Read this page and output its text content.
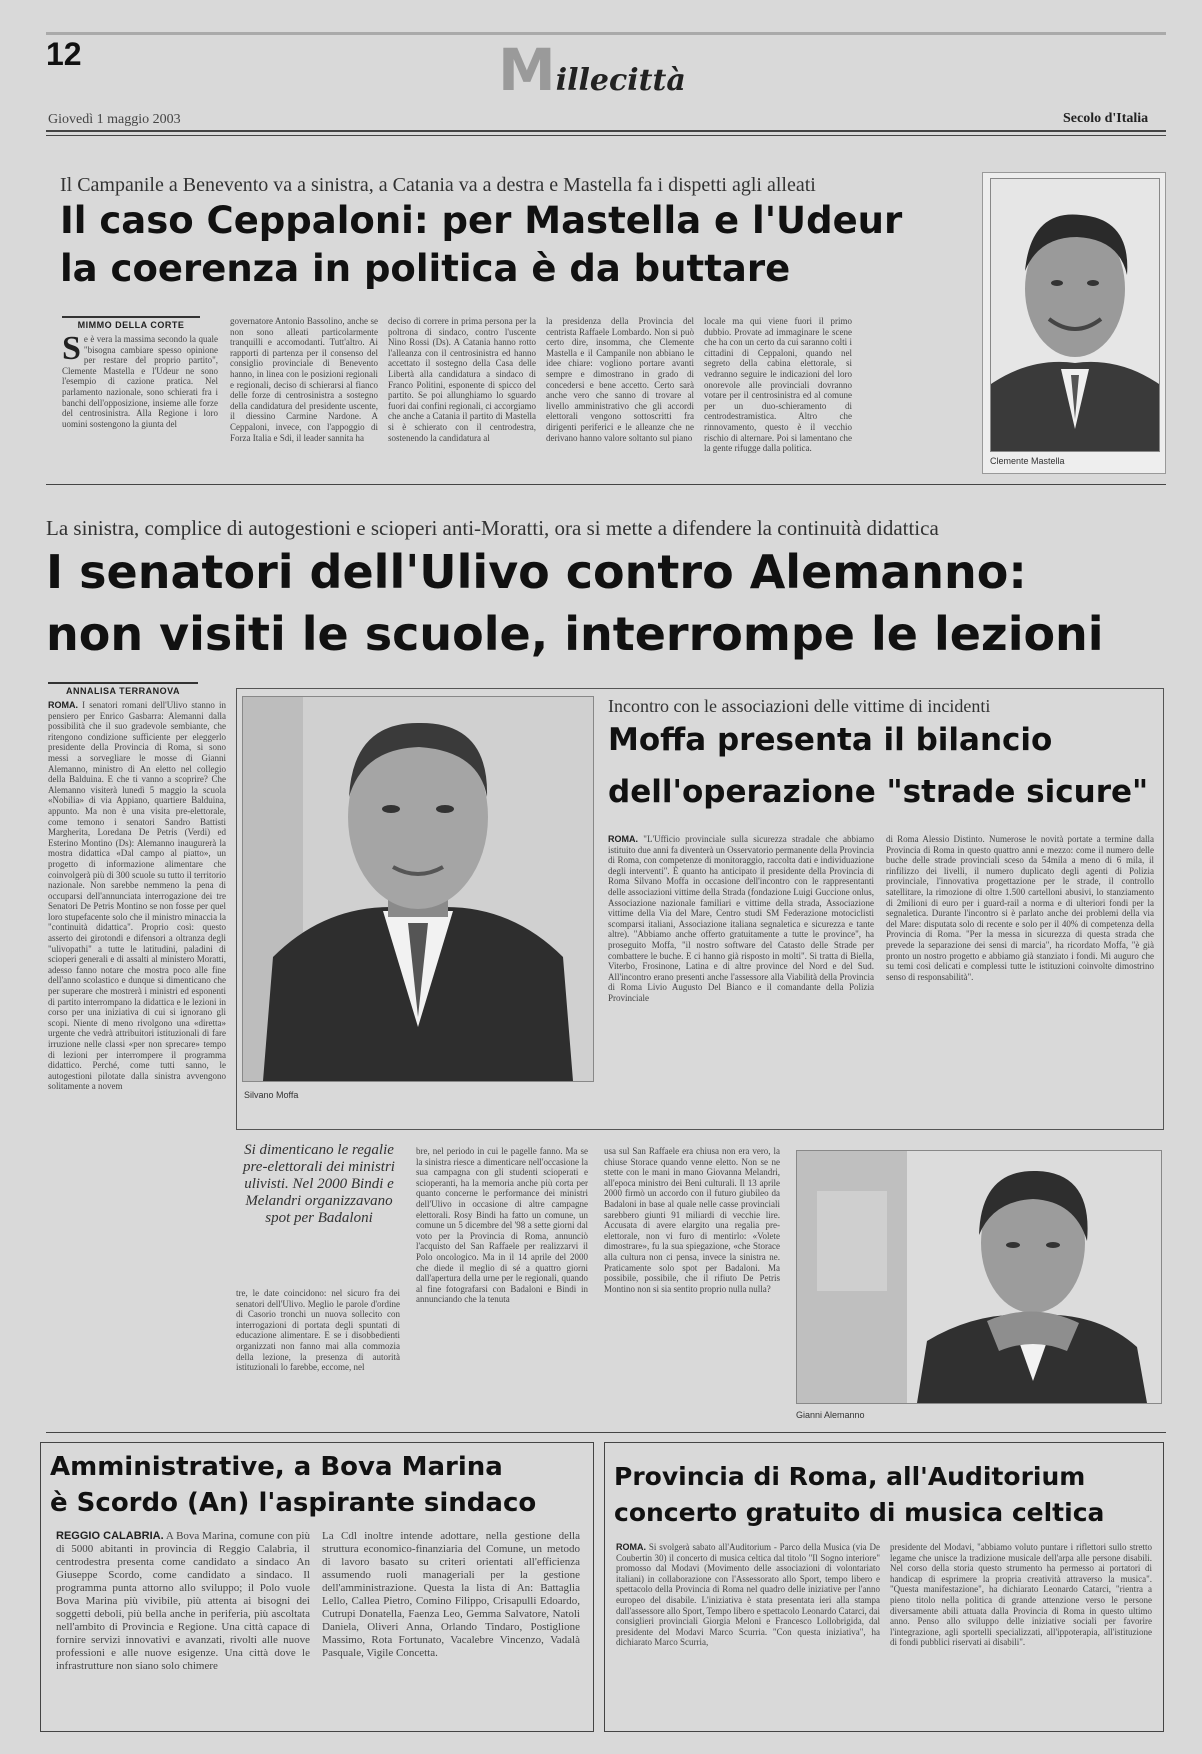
12	Millecittà
Giovedì 1 maggio 2003	Secolo d'Italia
Il Campanile a Benevento va a sinistra, a Catania va a destra e Mastella fa i dispetti agli alleati
Il caso Ceppaloni: per Mastella e l'Udeur
la coerenza in politica è da buttare
MIMMO DELLA CORTE
Se è vera la massima secondo la quale "bisogna cambiare spesso opinione per restare del proprio partito", Clemente Mastella e l'Udeur ne sono l'esempio di cazione pratica. Nel parlamento nazionale, sono schierati fra i banchi dell'opposizione, insieme alle forze del centrosinistra. Alla Regione i loro uomini sostengono la giunta del
governatore Antonio Bassolino, anche se non sono alleati particolarmente tranquilli e accomodanti. Tutt'altro. Ai rapporti di partenza per il consenso del consiglio provinciale di Benevento hanno, in linea con le posizioni regionali e regionali, deciso di schierarsi al fianco delle forze di centrosinistra a sostegno della candidatura del presidente uscente, il diessino Carmine Nardone. A Ceppaloni, invece, con l'appoggio di Forza Italia e Sdi, il leader sannita ha
deciso di correre in prima persona per la poltrona di sindaco, contro l'uscente Nino Rossi (Ds). A Catania hanno rotto l'alleanza con il centrosinistra ed hanno accettato il sostegno della Casa delle Libertà alla candidatura a sindaco di Franco Politini, esponente di spicco del partito. Se poi allunghiamo lo sguardo fuori dai confini regionali, ci accorgiamo che anche a Catania il partito di Mastella si è schierato con il centrodestra, sostenendo la candidatura al
la presidenza della Provincia del centrista Raffaele Lombardo. Non si può certo dire, insomma, che Clemente Mastella e il Campanile non abbiano le idee chiare: vogliono portare avanti sempre e dimostrano in grado di concedersi e bene accetto. Certo sarà anche vero che sanno di trovare al livello amministrativo che gli accordi elettorali vengono sottoscritti fra dirigenti periferici e le alleanze che ne derivano hanno valore soltanto sul piano
locale ma qui viene fuori il primo dubbio. Provate ad immaginare le scene che ha con un certo da cui saranno colti i cittadini di Ceppaloni, quando nel segreto della cabina elettorale, si vedranno seguire le indicazioni del loro onorevole alle provinciali dovranno votare per il centrosinistra ed al comune per un duo-schieramento di centrodestramistica. Altro che rinnovamento, questo è il vecchio rischio di alternare. Poi si lamentano che la gente rifugge dalla politica.
Clemente Mastella
La sinistra, complice di autogestioni e scioperi anti-Moratti, ora si mette a difendere la continuità didattica
I senatori dell'Ulivo contro Alemanno:
non visiti le scuole, interrompe le lezioni
ANNALISA TERRANOVA
ROMA. I senatori romani dell'Ulivo stanno in pensiero per Enrico Gasbarra: Alemanni dalla possibilità che il suo gradevole sembiante, che ritengono condizione sufficiente per eleggerlo presidente della Provincia di Roma, si sono messi a sorvegliare le mosse di Gianni Alemanno, ministro di An eletto nel collegio della Balduina. E che ti vanno a scoprire? Che Alemanno visiterà lunedì 5 maggio la scuola «Nobilia» di via Appiano, quartiere Balduina, appunto. Ma non è una visita pre-elettorale, come temono i senatori Sandro Battisti Margherita, Loredana De Petris (Verdi) ed Esterino Montino (Ds): Alemanno inaugurerà la mostra didattica «Dal campo al piatto», un progetto di informazione alimentare che coinvolgerà più di 300 scuole su tutto il territorio nazionale. Non sarebbe nemmeno la pena di occuparsi dell'annunciata interrogazione dei tre Senatori De Petris Montino se non fosse per quel loro stupefacente solo che il ministro minaccia la "continuità didattica". Proprio così: questo asserto dei girotondi e difensori a oltranza degli "ulivopathi" a tutte le latitudini, paladini di scioperi generali e di assalti al ministero Moratti, adesso fanno notare che mostra poco alle fine dell'anno scolastico e dunque si dimenticano che per superare che mostrerà i ministri ed esponenti di partito interrompano la didattica e le lezioni in corso per una iniziativa di cui si ignorano gli scopi. Niente di meno rivolgono una «diretta» urgente che vedrà attribuitori istituzionali di fare irruzione nelle classi «per non sprecare» tempo di lezioni per interrompere il programma didattico. Perché, come tutti sanno, le autogestioni pilotate dalla sinistra avvengono solitamente a novem
Silvano Moffa
Incontro con le associazioni delle vittime di incidenti
Moffa presenta il bilancio
dell'operazione "strade sicure"
ROMA. "L'Ufficio provinciale sulla sicurezza stradale che abbiamo istituito due anni fa diventerà un Osservatorio permanente della Provincia di Roma, con competenze di monitoraggio, raccolta dati e individuazione degli interventi". È quanto ha anticipato il presidente della Provincia di Roma Silvano Moffa in occasione dell'incontro con le rappresentanti delle associazioni vittime della Strada (fondazione Luigi Guccione onlus, Associazione nazionale familiari e vittime della strada, Associazione vittime della Via del Mare, Centro studi SM Federazione motociclisti scomparsi italiani, Associazione italiana segnaletica e sicurezza e tante altre). "Abbiamo anche offerto gratuitamente a tutte le province", ha proseguito Moffa, "il nostro software del Catasto delle Strade per combattere le buche. E ci hanno già risposto in molti". Si tratta di Biella, Viterbo, Frosinone, Latina e di altre province del Nord e del Sud. All'incontro erano presenti anche l'assessore alla Viabilità della Provincia di Roma Livio Augusto Del Bianco e il comandante della Polizia Provinciale
di Roma Alessio Distinto. Numerose le novità portate a termine dalla Provincia di Roma in questo quattro anni e mezzo: come il numero delle buche delle strade provinciali sceso da 54mila a meno di 6 mila, il rinfilizzo dei livelli, il numero duplicato degli agenti di Polizia provinciale, l'innovativa progettazione per le strade, il controllo satellitare, la rimozione di oltre 1.500 cartelloni abusivi, lo stanziamento di 2milioni di euro per i guard-rail a norma e di ulteriori fondi per la segnaletica. Durante l'incontro si è parlato anche dei problemi della via del Mare: disputata solo di recente e solo per il 40% di competenza della Provincia di Roma. "Per la messa in sicurezza di questa strada che prevede la separazione dei sensi di marcia", ha ricordato Moffa, "è già pronto un nostro progetto e abbiamo già stanziato i fondi. Mi auguro che su temi così delicati e complessi tutte le istituzioni coinvolte dimostrino senso di responsabilità".
Si dimenticano le regalie pre-elettorali dei ministri ulivisti. Nel 2000 Bindi e Melandri organizzavano spot per Badaloni
tre, le date coincidono: nel sicuro fra dei senatori dell'Ulivo. Meglio le parole d'ordine di Casorio tronchi un nuova sollecito con interrogazioni di portata degli spuntati di educazione alimentare. E se i disobbedienti organizzati non fanno mai alla commozia della lezione, la presenza di autorità istituzionali lo farebbe, eccome, nel
bre, nel periodo in cui le pagelle fanno. Ma se la sinistra riesce a dimenticare nell'occasione la sua campagna con gli studenti scioperati e scioperanti, ha la memoria anche più corta per quanto concerne le performance dei ministri dell'Ulivo in occasione di altre campagne elettorali. Rosy Bindi ha fatto un comune, un comune un 5 dicembre del '98 a sette giorni dal voto per la Provincia di Roma, annunciò l'acquisto del San Raffaele per realizzarvi il Polo oncologico. Ma in il 14 aprile del 2000 che diede il meglio di sé a quattro giorni dall'apertura della urne per le regionali, quando al fine fotografarsi con Badaloni e Bindi in annunciando che la tenuta
usa sul San Raffaele era chiusa non era vero, la chiuse Storace quando venne eletto. Non se ne stette con le mani in mano Giovanna Melandri, all'epoca ministro dei Beni culturali. Il 13 aprile 2000 firmò un accordo con il futuro giubileo da Badaloni in base al quale nelle casse provinciali sarebbero giunti 91 miliardi di vecchie lire. Accusata di avere elargito una regalia pre-elettorale, non vi furo di mentirlo: «Volete dimostrare», fu la sua spiegazione, «che Storace alla cultura non ci pensa, invece la sinistra ne. Praticamente solo spot per Badaloni. Ma possibile, possibile, che il rifiuto De Petris Montino non si sia sentito proprio nulla nulla?
Gianni Alemanno
Amministrative, a Bova Marina
è Scordo (An) l'aspirante sindaco
REGGIO CALABRIA. A Bova Marina, comune con più di 5000 abitanti in provincia di Reggio Calabria, il centrodestra presenta come candidato a sindaco An Giuseppe Scordo, come candidato a sindaco. Il programma punta attorno allo sviluppo; il Polo vuole Bova Marina più vivibile, più attenta ai bisogni dei soggetti deboli, più bella anche in periferia, più ascoltata nell'ambito di Provincia e Regione. Una città capace di fornire servizi innovativi e avanzati, rivolti alle nuove professioni e alle nuove esigenze. Una città dove le infrastrutture non siano solo chimere
La Cdl inoltre intende adottare, nella gestione della struttura economico-finanziaria del Comune, un metodo di lavoro basato su criteri orientati all'efficienza assumendo ruoli manageriali per la gestione dell'amministrazione. Questa la lista di An: Battaglia Lello, Callea Pietro, Comino Filippo, Crisapulli Edoardo, Cutrupi Donatella, Faenza Leo, Gemma Salvatore, Natoli Daniela, Oliveri Anna, Orlando Tindaro, Postiglione Massimo, Rota Fortunato, Vacalebre Vincenzo, Vadalà Pasquale, Vigile Concetta.
Provincia di Roma, all'Auditorium
concerto gratuito di musica celtica
ROMA. Si svolgerà sabato all'Auditorium - Parco della Musica (via De Coubertin 30) il concerto di musica celtica dal titolo "Il Sogno interiore" promosso dal Modavi (Movimento delle associazioni di volontariato italiani) in collaborazione con l'Assessorato allo Sport, tempo libero e spettacolo della Provincia di Roma nel quadro delle iniziative per l'anno europeo del disabile. L'iniziativa è stata presentata ieri alla stampa dall'assessore allo Sport, Tempo libero e spettacolo Leonardo Catarci, dai consiglieri provinciali Giorgia Meloni e Francesco Lollobrigida, dal presidente del Modavi Marco Scurria. "Con questa iniziativa", ha dichiarato Marco Scurria,
presidente del Modavi, "abbiamo voluto puntare i riflettori sullo stretto legame che unisce la tradizione musicale dell'arpa alle persone disabili. Nel corso della storia questo strumento ha permesso ai portatori di handicap di esprimere la propria creatività attraverso la musica". "Questa manifestazione", ha dichiarato Leonardo Catarci, "rientra a pieno titolo nella politica di grande attenzione verso le persone diversamente abili attuata dalla Provincia di Roma in questo ultimo anno. Penso allo sviluppo delle iniziative sociali per favorire l'integrazione, agli sportelli specializzati, all'ippoterapia, all'istituzione di fondi pubblici riservati ai disabili".
